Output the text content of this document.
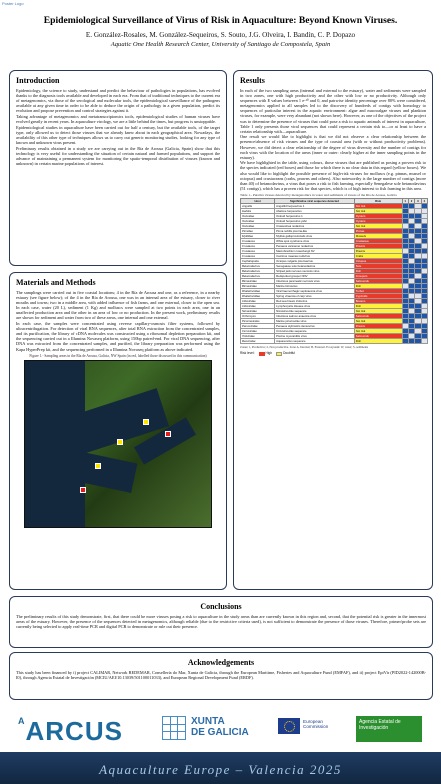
Poster Logo
Epidemiological Surveillance of Virus of Risk in Aquaculture: Beyond Known Viruses.
E. González-Rosales, M. González-Sequeiros, S. Souto, J.G. Olveira, I. Bandín, C. P. Dopazo
Aquatic One Health Research Center, University of Santiago de Compostela, Spain
Introduction

Epidemiology, the science to study, understand and predict the behaviour of pathologies in populations, has evolved thanks to the diagnosis tools available and developed in each era. From that of traditional techniques to the current era of metagenomics, via those of the serological and molecular tools, the epidemiological surveillance of the pathogens available at any given time in order to be able to deduce the origin of a pathology in a given population, predict its evolution and propose prevention and control strategies against it.

Taking advantage of metagenomics and metatranscriptomics tools, epidemiological studies of human viruses have evolved greatly in recent years. In aquaculture virology, we are a little behind the times, but progress is unstoppable.

Epidemiological studies in aquaculture have been carried out for half a century, but the available tools, of the target type, only allowed us to detect those viruses that we already knew about in each geographical area. Nowadays, the availability of this other type of techniques allows us to carry out generic monitoring studies, looking for any type of known and unknown virus present.

Preliminary results obtained in a study we are carrying out in the Ría de Arousa (Galicia, Spain) show that this technology is very useful for understanding the situation of certain natural and farmed populations, and support the advance of maintaining a permanent system for monitoring the spatio-temporal distribution of viruses (known and unknown) in certain marine populations of interest.

Materials and Methods

The samplings were carried out in five coastal locations; 4 in the Ría de Arousa and one, as a reference, in a nearby estuary (see figure below); of the 4 in the Ría de Arousa, one was in an internal area of the estuary, closer to river mouths and towns; two in a middle area, with added influence of fish farms, and one external, closer to the open sea. In each case, water (20 L), sediment (1 Kg) and molluscs were sampled at two points in each area, one in an unaffected production area and the other in an area of low or no production. In the present work, preliminary results are shown for sediment and water from two of these areas, one internal and one external.

In each case, the samples were concentrated using reverse capillary-osmosis filter systems, followed by ultracentrifugation. For detection of viral RNA sequences, after total RNA extraction from the concentrated samples, and its purification, the library of cDNA molecules was constructed using a ribosomal depletion preparation kit, and the sequencing carried out in a Illumina Novaseq platform, using 150bp paired-end. For viral DNA sequencing, after DNA was extracted from the concentrated samples, and purified, the library preparation was performed using the Kapa HyperPrep kit, and the sequencing performed in a Illumina Novaseq platform as above indicated.

Figure 1.- Sampling areas in the Ría de Arousa, Galicia, NW Spain (in red, labelled those discussed in this communication)
Results

In each of the two sampling areas (internal and external to the estuary), water and sediments were sampled in two zones, one with high productivity and the other with low or no productivity. Although only sequences with E values between 1 e-¹⁰ and 0, and pairwise identity percentage over 80% were considered, metagenomics applied to all samples led to the discovery of hundreds of contigs with homology to sequences of particular interest in the aquatic environment: algae and macroalgae viruses and plankton viruses, for example, were very abundant (not shown here). However, as one of the objectives of the project was to determine the presence of viruses that could pose a risk to aquatic animals of interest in aquaculture, Table 1 only presents those viral sequences that could represent a certain risk to—or at least to have a certain relationship with—aquaculture.

One result we would like to highlight is that we did not observe a clear relationship between the presence/absence of risk viruses and the type of coastal area (with or without productivity problems). However, we did detect a clear relationship of the degree of virus diversity and the number of contigs for each virus with the location of the areas (inner or outer: clearly higher at the inner sampling points in the estuary).

We have highlighted in the table, using colours, those viruses that are published as posing a proven risk to the species indicated (red boxes) and those for which there is no clear data in this regard (yellow boxes). We also would like to highlight the possible presence of high-risk viruses for molluscs (e.g. pinnas, mussel or octopus) and crustaceans (crabs, prawns and others). Also noteworthy is the large number of contigs (more than 40) of betanodavirus, a virus that poses a risk to fish farming, especially Senegalese sole betanodavirus (51 contigs), which has a proven risk for that species, which is of high interest to fish farming in this area.

Table 1.- Putative viruses detected by metagenomics in water and sediments of 2areas of the Ría de Arousa, Galicia
Host	Significative viral sequence detected	Risk	1	2	3	4
Anguilla	Anguillid herpesvirus 1	Not risk				
Haliotis	Abalone herpesvirus	Not risk				
Ostreidae	Ostreid herpesvirus 1	Oysters				
Ostreidae	Ostreid herpesvirus µVar	Oysters				
Ostreidae	Crassostrea nodavirus	Not risk				
Pinnidae	Pinna nobilis picorna-like	Pinnas				
Mytilidae	Mytilus galloprovincialis virus	Mussels				
Crustacea	White spot syndrome virus	Crustacea				
Crustacea	Penaeus vannamei nodavirus	Prawns				
Crustacea	Macrobrachium rosenbergii NV	Prawns				
Crustacea	Carcinus maenas nudivirus	Crabs				
Cephalopoda	Octopus vulgaris picornavirus	Octopus				
Betanodavirus	Senegalese sole betanodavirus	Sole				
Betanodavirus	Striped jack nervous necrosis virus	Fish				
Betanodavirus	Redspotted grouper NNV	Groupers				
Birnaviridae	Infectious pancreatic necrosis virus	Salmonids				
Birnaviridae	Marine birnavirus	Fish				
Rhabdoviridae	Viral haemorrhagic septicaemia virus	Turbot				
Rhabdoviridae	Spring viraemia of carp virus	Cyprinids				
Iridoviridae	Red sea bream iridovirus	Breams				
Iridoviridae	Lymphocystis disease virus	Fish				
Nimaviridae	Nimavirus-like sequence	Not risk				
Orthomyxo.	Infectious salmon anaemia virus	Salmonids				
Picornavirales	Marine picorna-like virus	Not risk				
Parvoviridae	Penaeus stylirostris densovirus	Prawns				
Circoviridae	Circovirus-like sequence	Not risk				
Totiviridae	Piscine myocarditis virus	Salmonids				
Reoviridae	Aquareovirus sequence	Fish				
Zones: 1, Productive; 2, Non productive. Zone A, Internal; B, External. Ecosystem: W, water; S, sediments
Risk level:	High	Doubtful
Conclusions
The preliminary results of this study demonstrate, first, that there could be more viruses posing a risk to aquaculture in the study areas than are currently known in this region and, second, that the potential risk is greater in the innermost areas of the estuary. However, the presence of the sequences detected in metagenomics, although reliable (due to the restrictive criteria used), is not sufficient to demonstrate the presence of those viruses. Therefore, primer/probe sets are currently being selected to apply real-time PCR and digital PCR to demonstrate or rule out their presence.
Acknowledgements
This study has been financed by i) project CALIMAR, Network REDEMAR, Consellería do Mar, Xunta de Galicia, through the European Maritime, Fisheries and Aquaculture Fund (EMFAF), and ii) project EpiVir (PID2022-142000B-I0), through Agencia Estatal de Investigación (MCIU/AEI/10.13039/501100011033), and European Regional Development Fund (ERDF).
$^A$ARCUS	XUNTA
DE GALICIA
European
Commission
Agencia Estatal de Investigación
Aquaculture Europe – Valencia 2025
